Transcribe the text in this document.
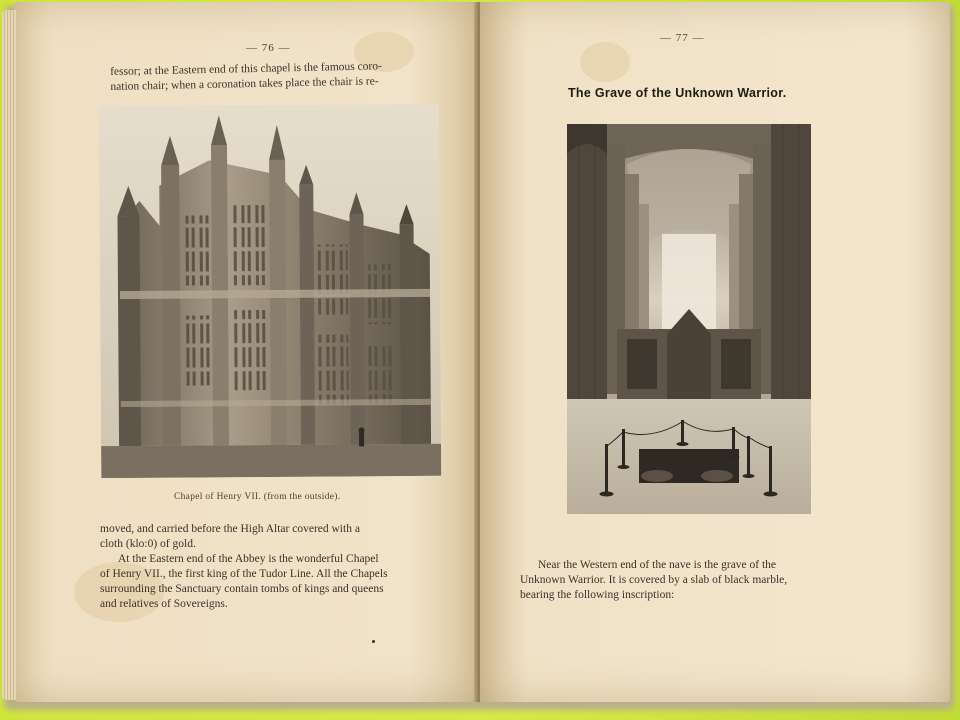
— 76 —
fessor; at the Eastern end of this chapel is the famous coro-
nation chair; when a coronation takes place the chair is re-
Chapel of Henry VII. (from the outside).
moved, and carried before the High Altar covered with a
cloth (klo:0) of gold.
At the Eastern end of the Abbey is the wonderful Chapel
of Henry VII., the first king of the Tudor Line. All the Chapels
surrounding the Sanctuary contain tombs of kings and queens
and relatives of Sovereigns.
— 77 —
The Grave of the Unknown Warrior.
Near the Western end of the nave is the grave of the
Unknown Warrior. It is covered by a slab of black marble,
bearing the following inscription:
